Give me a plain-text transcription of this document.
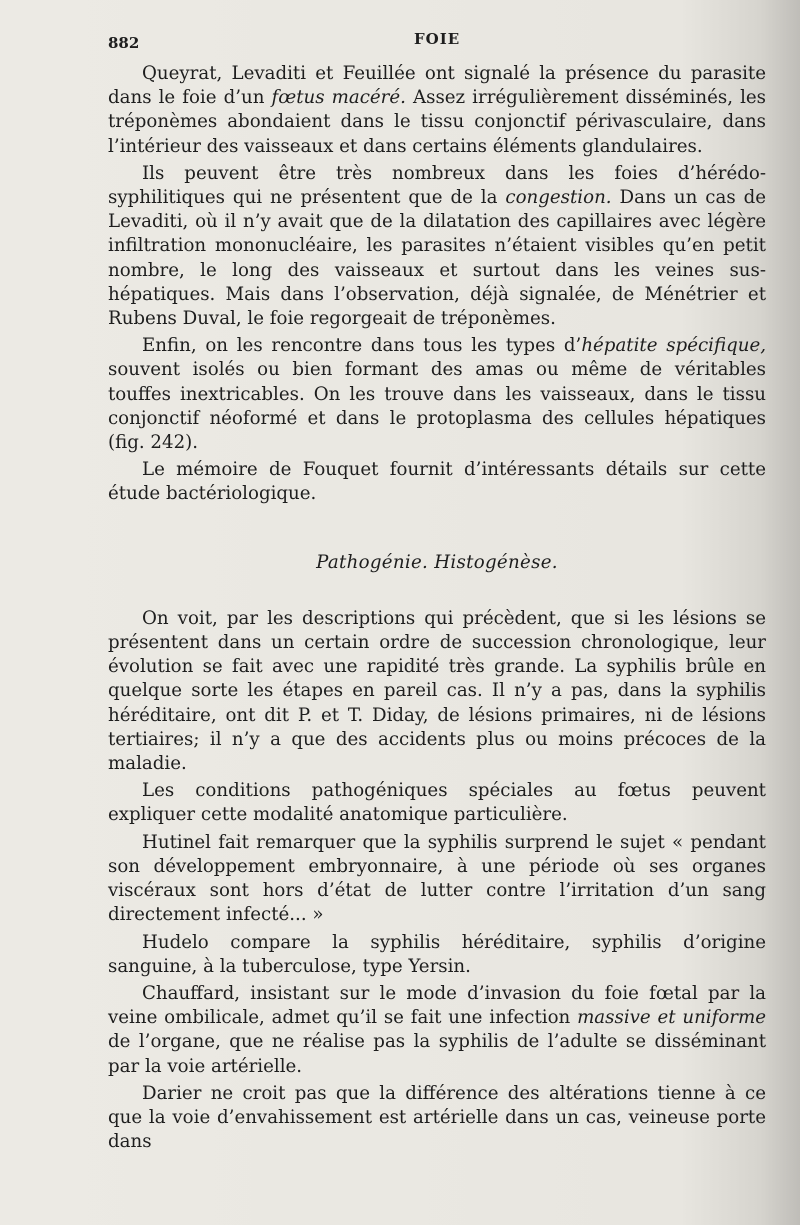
882	FOIE

Queyrat, Levaditi et Feuillée ont signalé la présence du parasite dans le foie d’un fœtus macéré. Assez irrégulièrement disséminés, les tréponèmes abondaient dans le tissu conjonctif périvasculaire, dans l’intérieur des vaisseaux et dans certains éléments glandulaires.

Ils peuvent être très nombreux dans les foies d’hérédo-syphilitiques qui ne présentent que de la congestion. Dans un cas de Levaditi, où il n’y avait que de la dilatation des capillaires avec légère infiltration mononucléaire, les parasites n’étaient visibles qu’en petit nombre, le long des vaisseaux et surtout dans les veines sus-hépatiques. Mais dans l’observation, déjà signalée, de Ménétrier et Rubens Duval, le foie regorgeait de tréponèmes.

Enfin, on les rencontre dans tous les types d’hépatite spécifique, souvent isolés ou bien formant des amas ou même de véritables touffes inextricables. On les trouve dans les vaisseaux, dans le tissu conjonctif néoformé et dans le protoplasma des cellules hépatiques (fig. 242).

Le mémoire de Fouquet fournit d’intéressants détails sur cette étude bactériologique.

Pathogénie. Histogénèse.

On voit, par les descriptions qui précèdent, que si les lésions se présentent dans un certain ordre de succession chronologique, leur évolution se fait avec une rapidité très grande. La syphilis brûle en quelque sorte les étapes en pareil cas. Il n’y a pas, dans la syphilis héréditaire, ont dit P. et T. Diday, de lésions primaires, ni de lésions tertiaires; il n’y a que des accidents plus ou moins précoces de la maladie.

Les conditions pathogéniques spéciales au fœtus peuvent expliquer cette modalité anatomique particulière.

Hutinel fait remarquer que la syphilis surprend le sujet « pendant son développement embryonnaire, à une période où ses organes viscéraux sont hors d’état de lutter contre l’irritation d’un sang directement infecté... »

Hudelo compare la syphilis héréditaire, syphilis d’origine sanguine, à la tuberculose, type Yersin.

Chauffard, insistant sur le mode d’invasion du foie fœtal par la veine ombilicale, admet qu’il se fait une infection massive et uniforme de l’organe, que ne réalise pas la syphilis de l’adulte se disséminant par la voie artérielle.

Darier ne croit pas que la différence des altérations tienne à ce que la voie d’envahissement est artérielle dans un cas, veineuse porte dans
